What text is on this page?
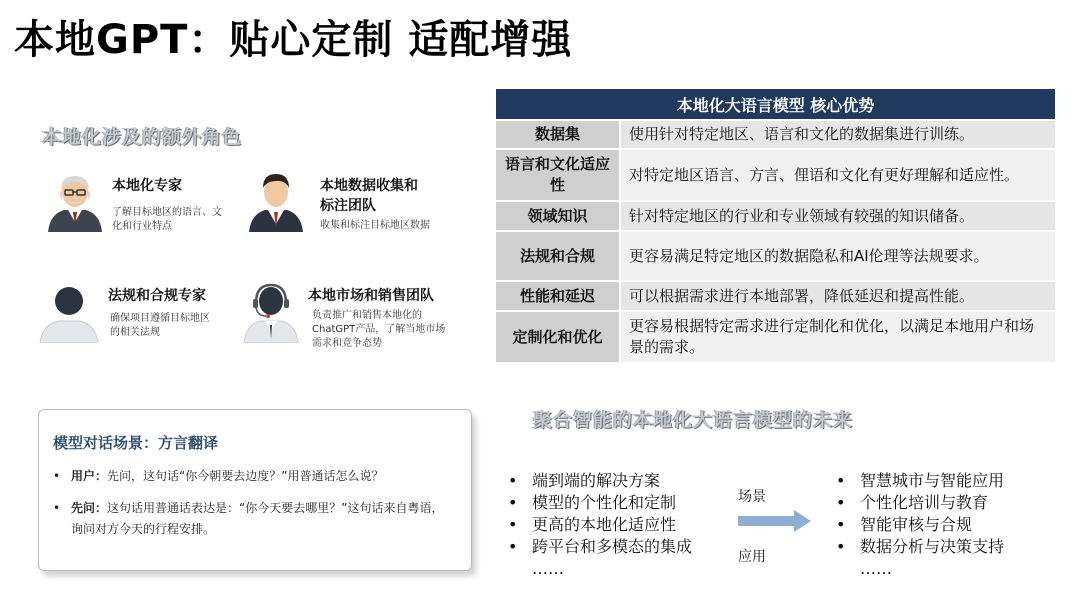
本地GPT：贴心定制 适配增强
本地化涉及的额外角色
本地化专家
了解目标地区的语言、文化和行业特点
本地数据收集和标注团队
收集和标注目标地区数据
法规和合规专家
确保项目遵循目标地区的相关法规
本地市场和销售团队
负责推广和销售本地化的ChatGPT产品，了解当地市场需求和竞争态势
本地化大语言模型 核心优势	
数据集	使用针对特定地区、语言和文化的数据集进行训练。
语言和文化适应性	对特定地区语言、方言、俚语和文化有更好理解和适应性。
领域知识	针对特定地区的行业和专业领域有较强的知识储备。
法规和合规	更容易满足特定地区的数据隐私和AI伦理等法规要求。
性能和延迟	可以根据需求进行本地部署，降低延迟和提高性能。
定制化和优化	更容易根据特定需求进行定制化和优化，以满足本地用户和场景的需求。
模型对话场景：方言翻译
• 用户：先问，这句话“你今朝要去边度？”用普通话怎么说？
• 先问：这句话用普通话表达是：“你今天要去哪里？”这句话来自粤语，询问对方今天的行程安排。
聚合智能的本地化大语言模型的未来
• 端到端的解决方案
• 模型的个性化和定制
• 更高的本地化适应性
• 跨平台和多模态的集成
……
场景
应用
• 智慧城市与智能应用
• 个性化培训与教育
• 智能审核与合规
• 数据分析与决策支持
……
